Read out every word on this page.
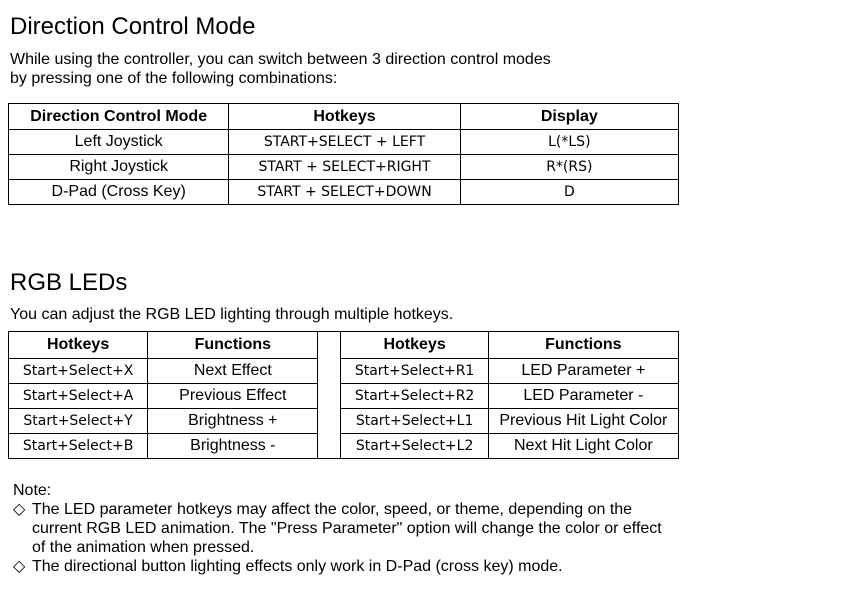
Direction Control Mode

While using the controller, you can switch between 3 direction control modes

by pressing one of the following combinations:

Direction Control Mode	Hotkeys	Display
Left Joystick	START+SELECT + LEFT	L(*LS)
Right Joystick	START + SELECT+RIGHT	R*(RS)
D-Pad (Cross Key)	START + SELECT+DOWN	D
RGB LEDs

You can adjust the RGB LED lighting through multiple hotkeys.

Hotkeys	Functions		Hotkeys	Functions
Start+Select+X	Next Effect		Start+Select+R1	LED Parameter +
Start+Select+A	Previous Effect		Start+Select+R2	LED Parameter -
Start+Select+Y	Brightness +		Start+Select+L1	Previous Hit Light Color
Start+Select+B	Brightness -		Start+Select+L2	Next Hit Light Color
Note:
◇ The LED parameter hotkeys may affect the color, speed, or theme, depending on the
current RGB LED animation. The "Press Parameter" option will change the color or effect
of the animation when pressed.
◇ The directional button lighting effects only work in D-Pad (cross key) mode.
